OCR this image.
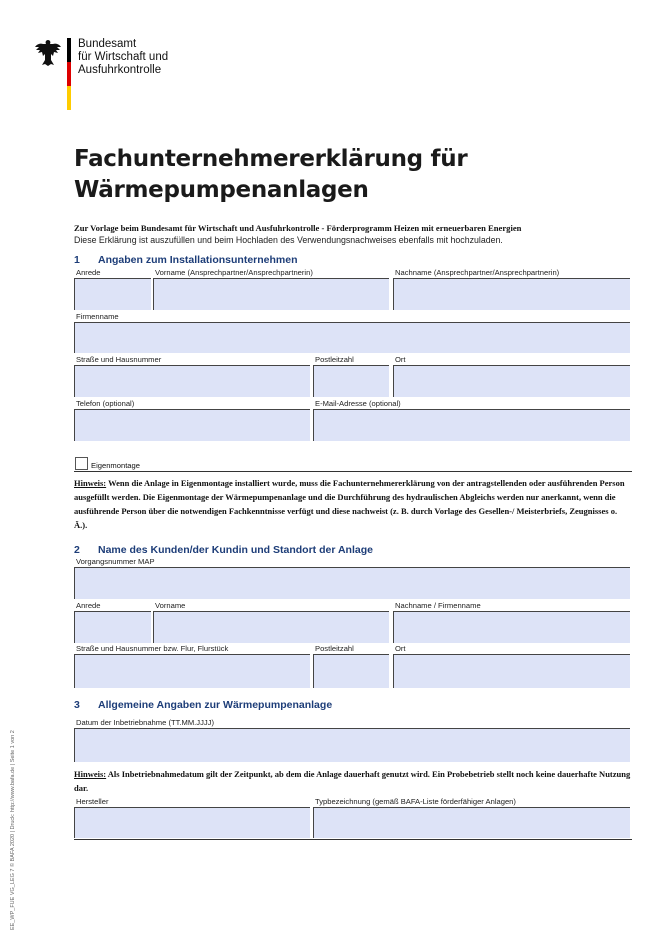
Bundesamt
für Wirtschaft und
Ausfuhrkontrolle
Fachunternehmererklärung für
Wärmepumpenanlagen
Zur Vorlage beim Bundesamt für Wirtschaft und Ausfuhrkontrolle - Förderprogramm Heizen mit erneuerbaren Energien
Diese Erklärung ist auszufüllen und beim Hochladen des Verwendungsnachweises ebenfalls mit hochzuladen.
1 Angaben zum Installationsunternehmen
Anrede	Vorname (Ansprechpartner/Ansprechpartnerin)	Nachname (Ansprechpartner/Ansprechpartnerin)
Firmenname
Straße und Hausnummer	Postleitzahl	Ort
Telefon (optional)	E-Mail-Adresse (optional)
Eigenmontage
Hinweis: Wenn die Anlage in Eigenmontage installiert wurde, muss die Fachunternehmererklärung von der antragstellenden oder ausführenden Person ausgefüllt werden. Die Eigenmontage der Wärmepumpenanlage und die Durchführung des hydraulischen Abgleichs werden nur anerkannt, wenn die ausführende Person über die notwendigen Fachkenntnisse verfügt und diese nachweist (z. B. durch Vorlage des Gesellen-/ Meisterbriefs, Zeugnisses o. Ä.).
2 Name des Kunden/der Kundin und Standort der Anlage
Vorgangsnummer MAP
Anrede	Vorname	Nachname / Firmenname
Straße und Hausnummer bzw. Flur, Flurstück	Postleitzahl	Ort
3 Allgemeine Angaben zur Wärmepumpenanlage
Datum der Inbetriebnahme (TT.MM.JJJJ)
Hinweis: Als Inbetriebnahmedatum gilt der Zeitpunkt, ab dem die Anlage dauerhaft genutzt wird. Ein Probebetrieb stellt noch keine dauerhafte Nutzung dar.
Hersteller	Typbezeichnung (gemäß BAFA-Liste förderfähiger Anlagen)
EE_WP_FUE VG_LEG 7 © BAFA 2020 | Druck: http://www.bafa.de | Seite 1 von 2
